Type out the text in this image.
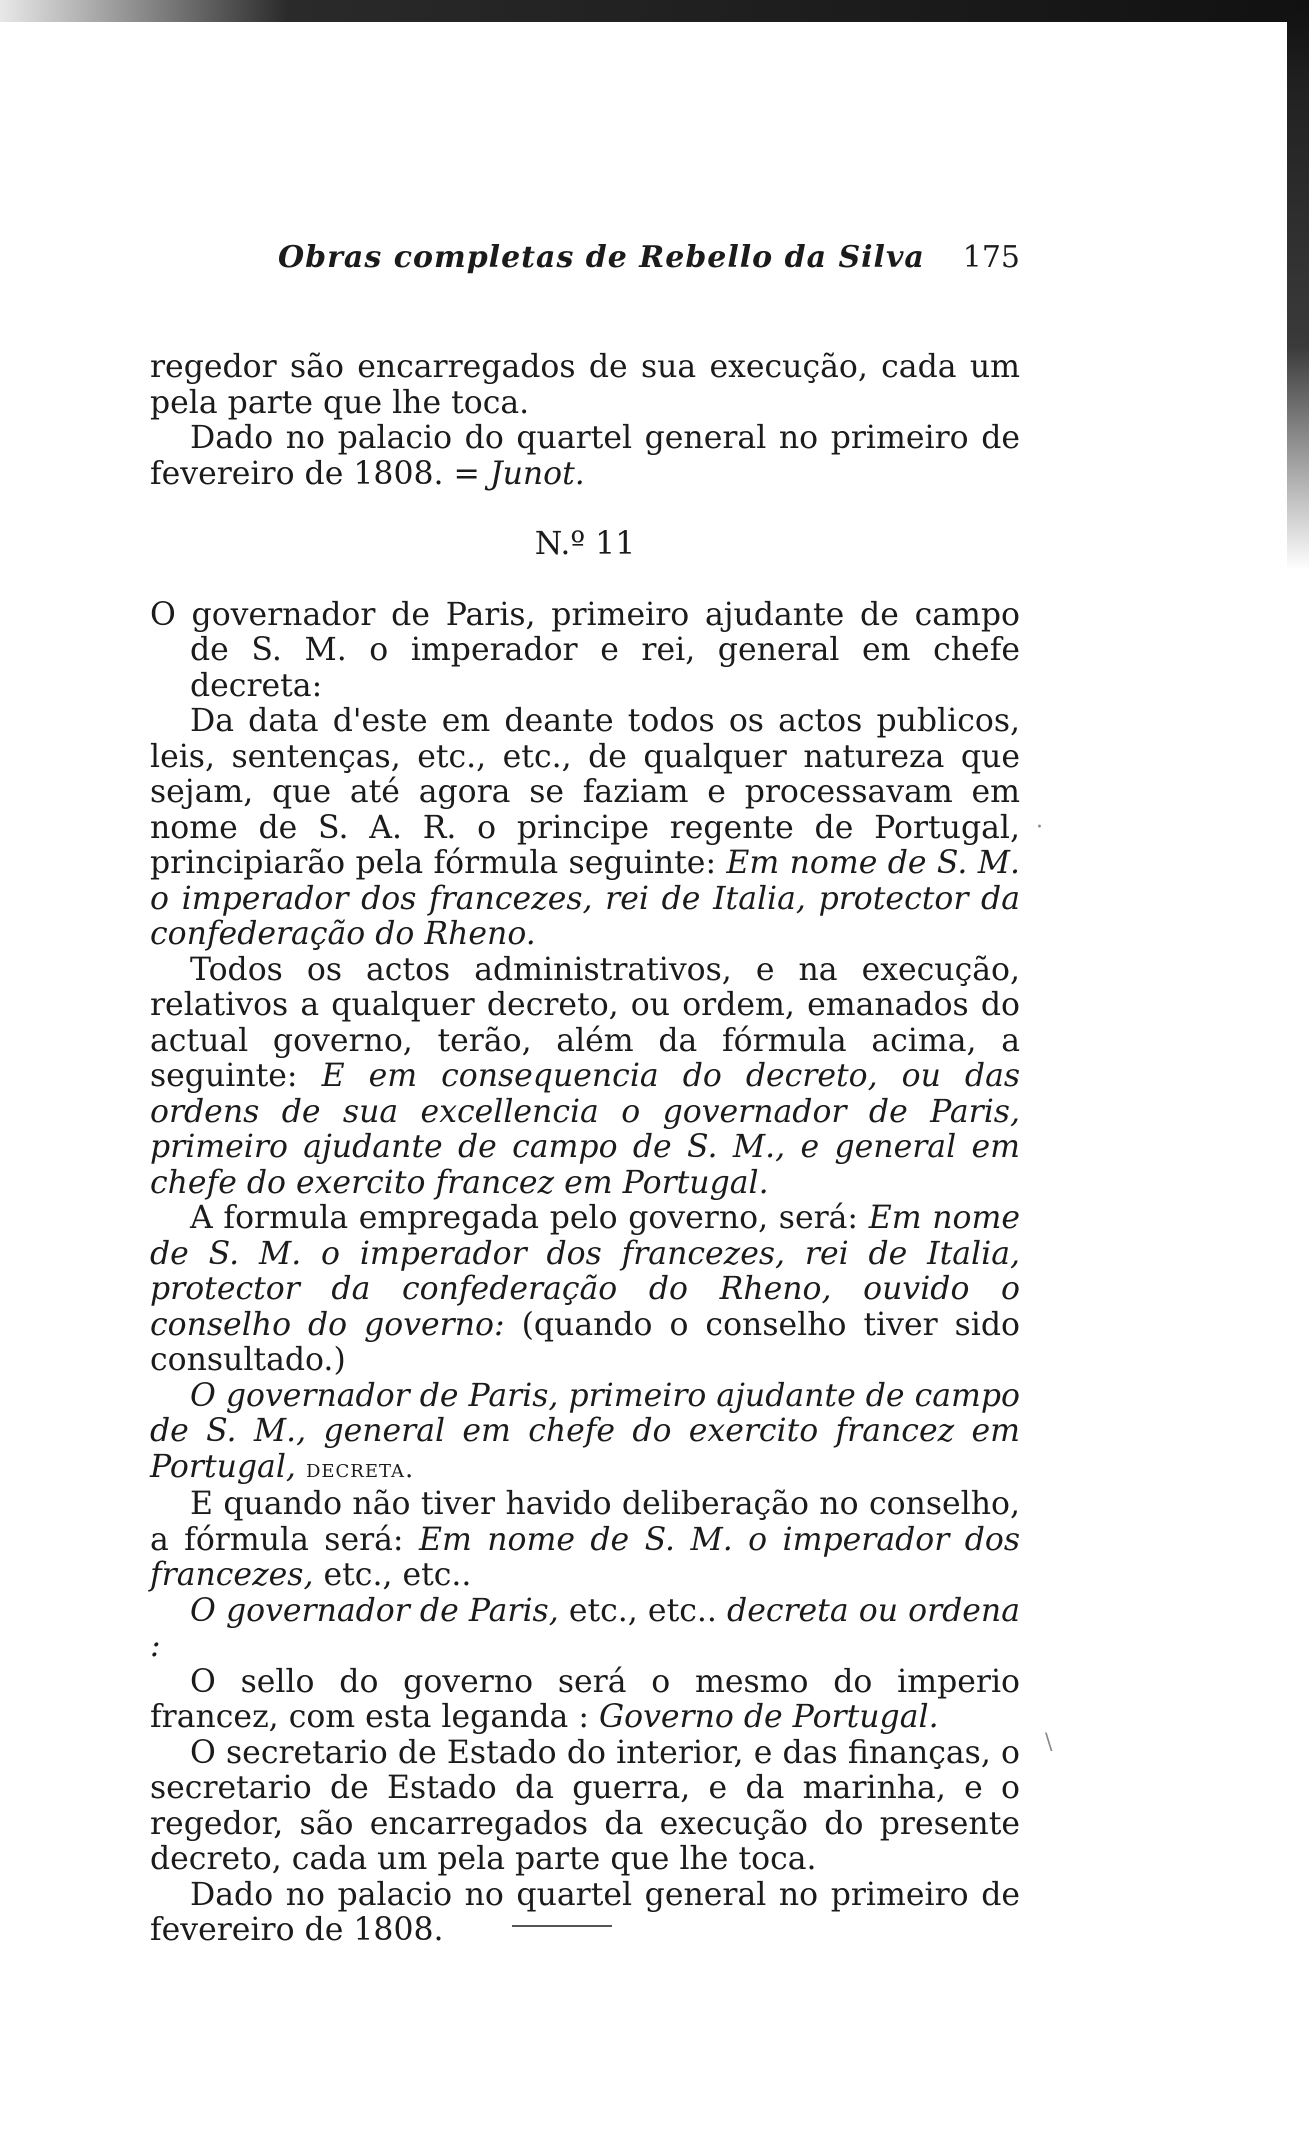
Obras completas de Rebello da Silva 175

regedor são encarregados de sua execução, cada um pela parte que lhe toca.

Dado no palacio do quartel general no primeiro de fevereiro de 1808. = Junot.

N.º 11

O governador de Paris, primeiro ajudante de campo de S. M. o imperador e rei, general em chefe decreta:

Da data d'este em deante todos os actos publicos, leis, sentenças, etc., etc., de qualquer natureza que sejam, que até agora se faziam e processavam em nome de S. A. R. o principe regente de Portugal, principiarão pela fórmula seguinte: Em nome de S. M. o imperador dos francezes, rei de Italia, protector da confederação do Rheno.

Todos os actos administrativos, e na execução, relativos a qualquer decreto, ou ordem, emanados do actual governo, terão, além da fórmula acima, a seguinte: E em consequencia do decreto, ou das ordens de sua excellencia o governador de Paris, primeiro ajudante de campo de S. M., e general em chefe do exercito francez em Portugal.

A formula empregada pelo governo, será: Em nome de S. M. o imperador dos francezes, rei de Italia, protector da confederação do Rheno, ouvido o conselho do governo: (quando o conselho tiver sido consultado.)

O governador de Paris, primeiro ajudante de campo de S. M., general em chefe do exercito francez em Portugal, decreta.

E quando não tiver havido deliberação no conselho, a fórmula será: Em nome de S. M. o imperador dos francezes, etc., etc..

O governador de Paris, etc., etc.. decreta ou ordena :

O sello do governo será o mesmo do imperio francez, com esta leganda : Governo de Portugal.

O secretario de Estado do interior, e das finanças, o secretario de Estado da guerra, e da marinha, e o regedor, são encarregados da execução do presente decreto, cada um pela parte que lhe toca.

Dado no palacio no quartel general no primeiro de fevereiro de 1808.

·
\
